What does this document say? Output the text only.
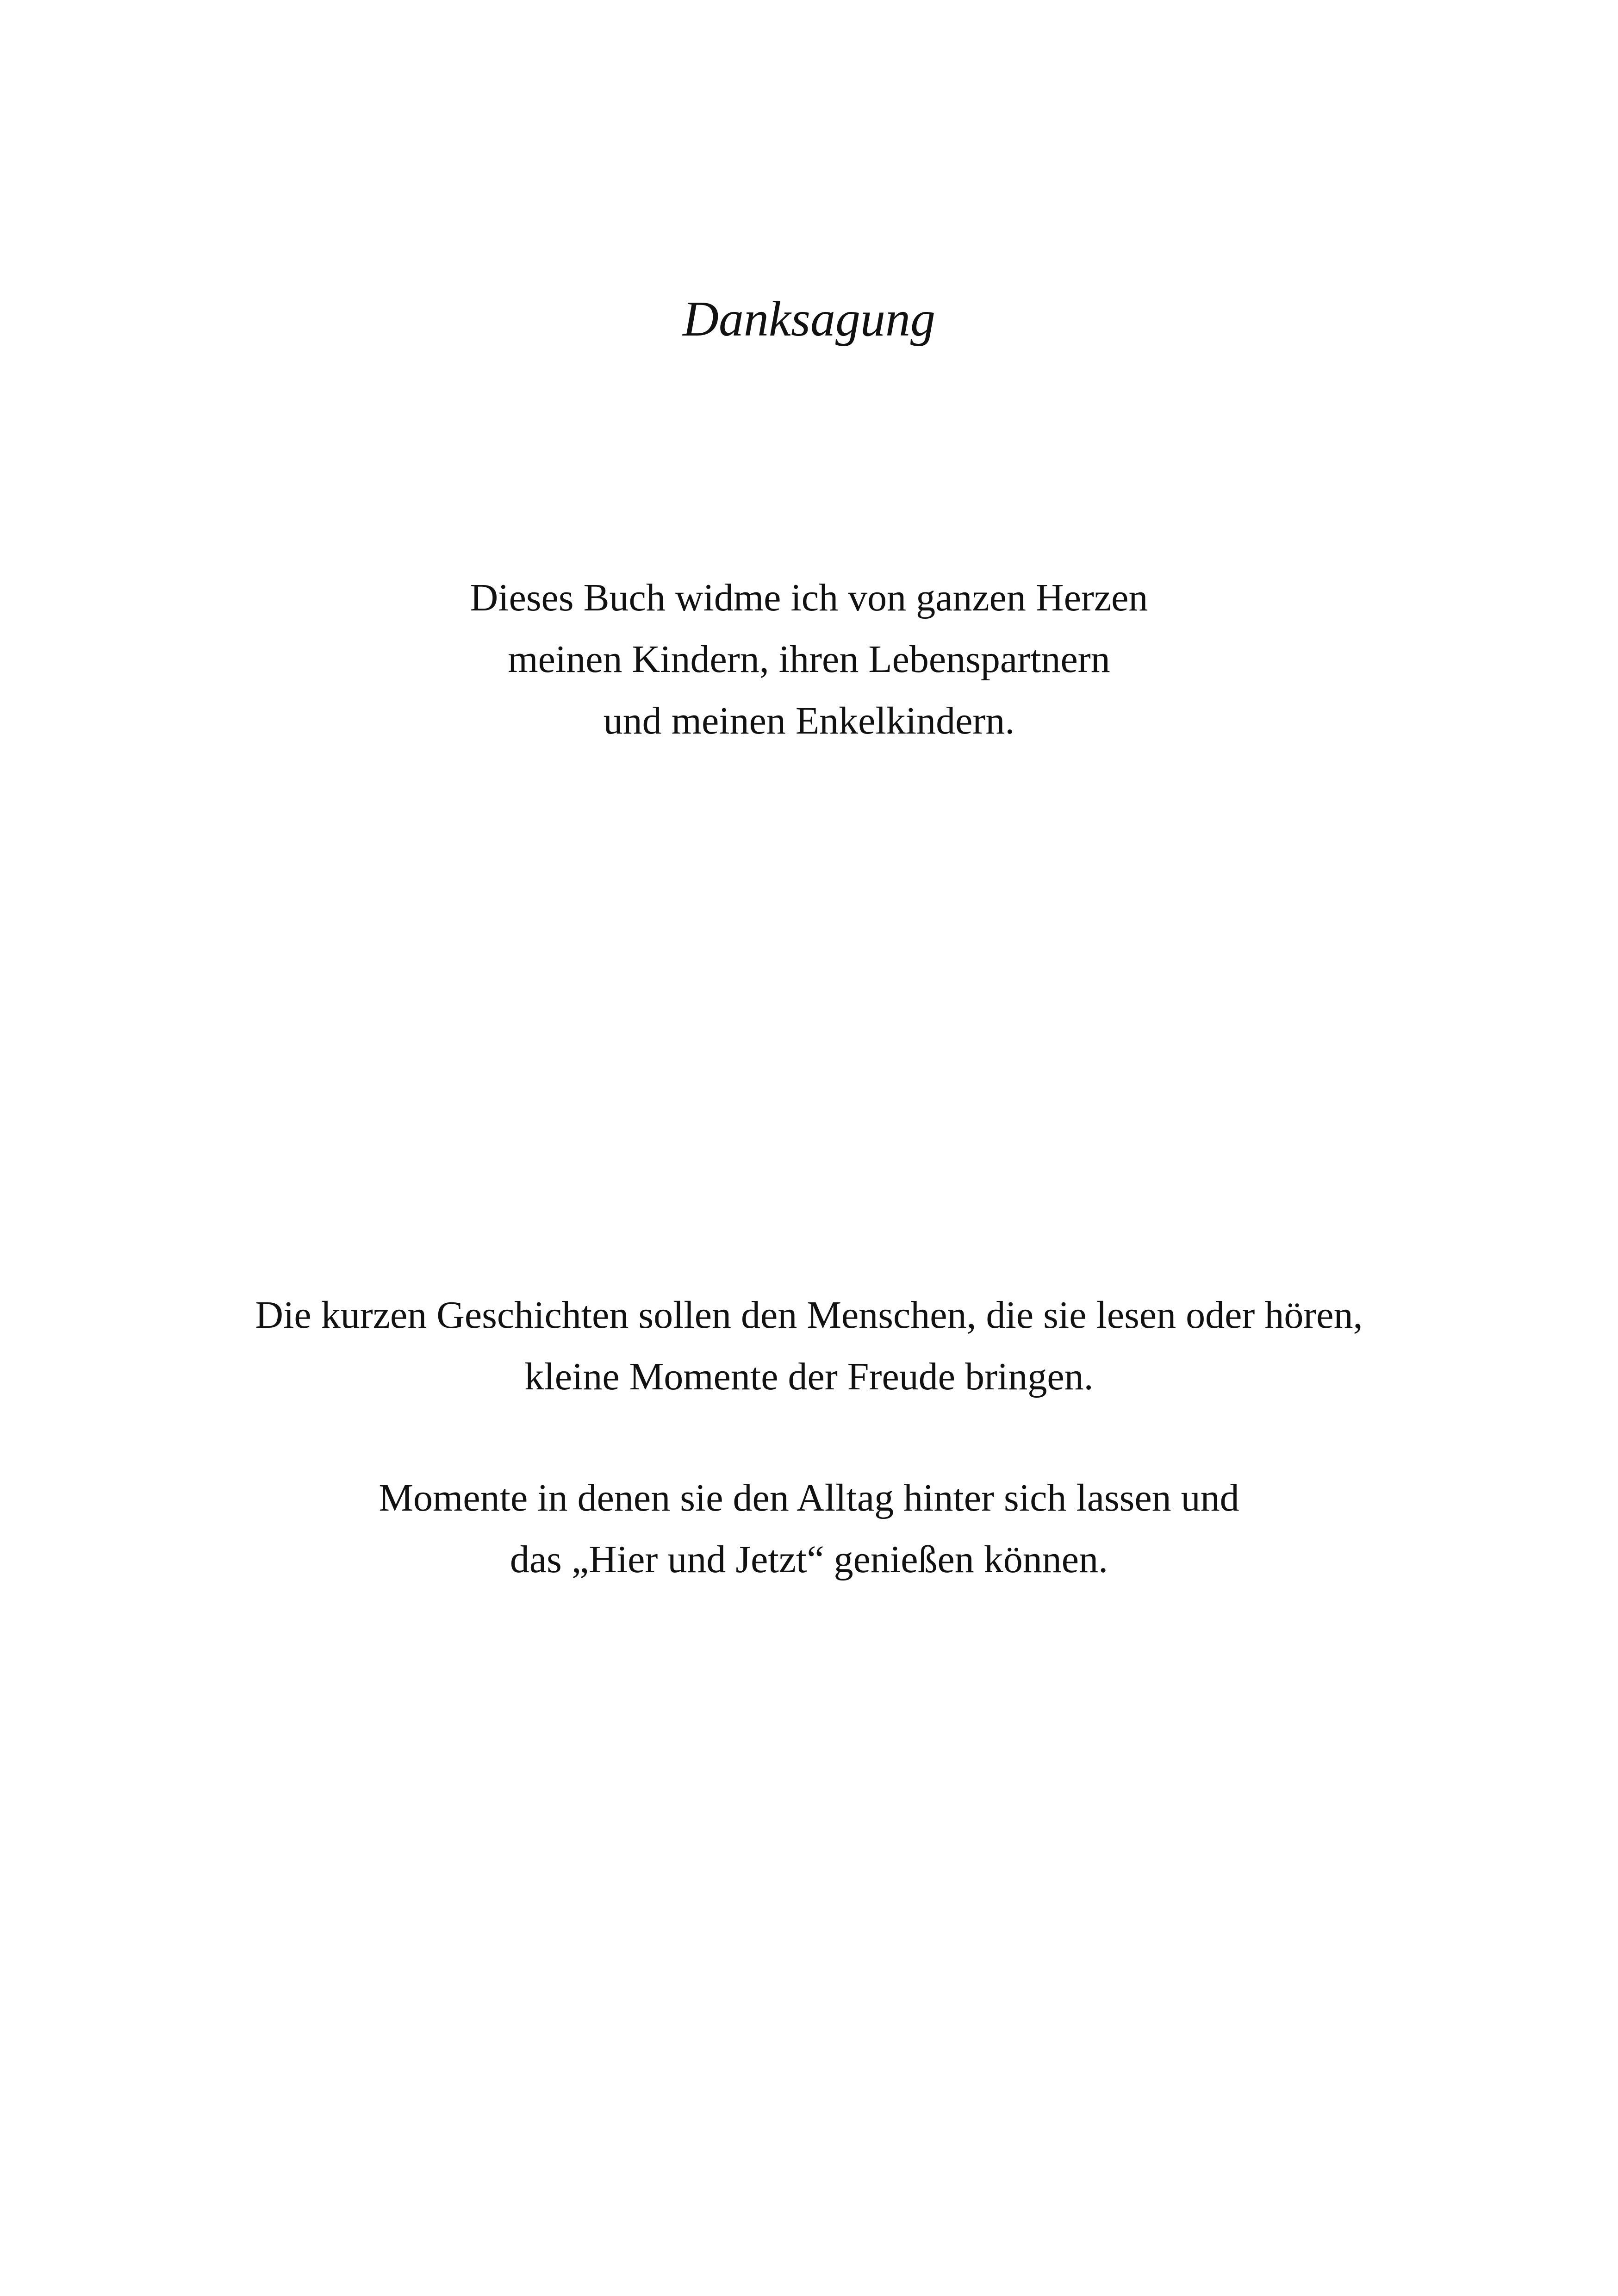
Danksagung

Dieses Buch widme ich von ganzen Herzen
meinen Kindern, ihren Lebenspartnern
und meinen Enkelkindern.

Die kurzen Geschichten sollen den Menschen, die sie lesen oder hören,
kleine Momente der Freude bringen.

Momente in denen sie den Alltag hinter sich lassen und
das „Hier und Jetzt“ genießen können.
